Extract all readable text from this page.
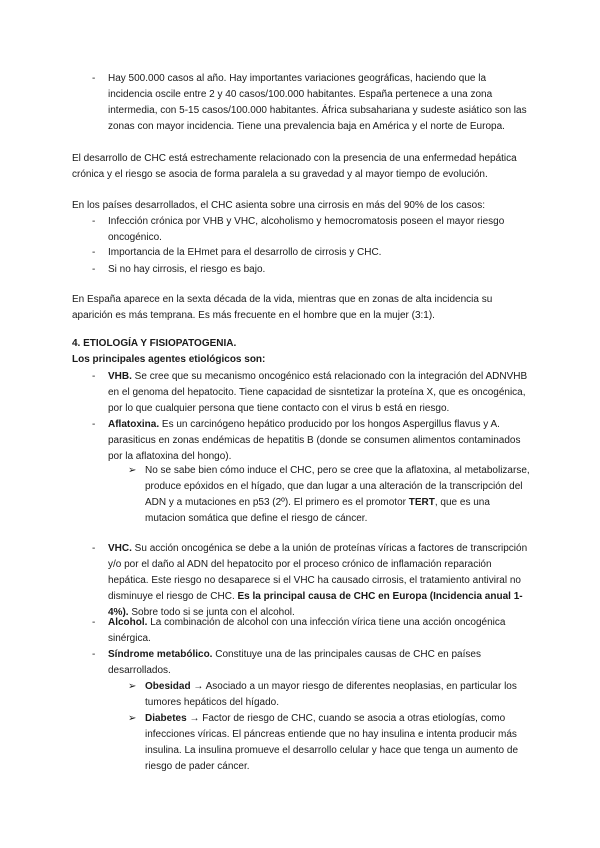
-	Hay 500.000 casos al año. Hay importantes variaciones geográficas, haciendo que la incidencia oscile entre 2 y 40 casos/100.000 habitantes. España pertenece a una zona intermedia, con 5-15 casos/100.000 habitantes. África subsahariana y sudeste asiático son las zonas con mayor incidencia. Tiene una prevalencia baja en América y el norte de Europa.
El desarrollo de CHC está estrechamente relacionado con la presencia de una enfermedad hepática crónica y el riesgo se asocia de forma paralela a su gravedad y al mayor tiempo de evolución.
En los países desarrollados, el CHC asienta sobre una cirrosis en más del 90% de los casos:
-	Infección crónica por VHB y VHC, alcoholismo y hemocromatosis poseen el mayor riesgo oncogénico.
-	Importancia de la EHmet para el desarrollo de cirrosis y CHC.
-	Si no hay cirrosis, el riesgo es bajo.
En España aparece en la sexta década de la vida, mientras que en zonas de alta incidencia su aparición es más temprana. Es más frecuente en el hombre que en la mujer (3:1).
4. ETIOLOGÍA Y FISIOPATOGENIA.
Los principales agentes etiológicos son:
-	VHB. Se cree que su mecanismo oncogénico está relacionado con la integración del ADNVHB en el genoma del hepatocito. Tiene capacidad de sisntetizar la proteína X, que es oncogénica, por lo que cualquier persona que tiene contacto con el virus b está en riesgo.
-	Aflatoxina. Es un carcinógeno hepático producido por los hongos Aspergillus flavus y A. parasiticus en zonas endémicas de hepatitis B (donde se consumen alimentos contaminados por la aflatoxina del hongo).
➢ No se sabe bien cómo induce el CHC, pero se cree que la aflatoxina, al metabolizarse, produce epóxidos en el hígado, que dan lugar a una alteración de la transcripción del ADN y a mutaciones en p53 (2º). El primero es el promotor TERT, que es una mutacion somática que define el riesgo de cáncer.
-	VHC. Su acción oncogénica se debe a la unión de proteínas víricas a factores de transcripción y/o por el daño al ADN del hepatocito por el proceso crónico de inflamación reparación hepática. Este riesgo no desaparece si el VHC ha causado cirrosis, el tratamiento antiviral no disminuye el riesgo de CHC. Es la principal causa de CHC en Europa (Incidencia anual 1-4%). Sobre todo si se junta con el alcohol.
-	Alcohol. La combinación de alcohol con una infección vírica tiene una acción oncogénica sinérgica.
-	Síndrome metabólico. Constituye una de las principales causas de CHC en países desarrollados.
➢ Obesidad → Asociado a un mayor riesgo de diferentes neoplasias, en particular los tumores hepáticos del hígado.
➢ Diabetes → Factor de riesgo de CHC, cuando se asocia a otras etiologías, como infecciones víricas. El páncreas entiende que no hay insulina e intenta producir más insulina. La insulina promueve el desarrollo celular y hace que tenga un aumento de riesgo de pader cáncer.
